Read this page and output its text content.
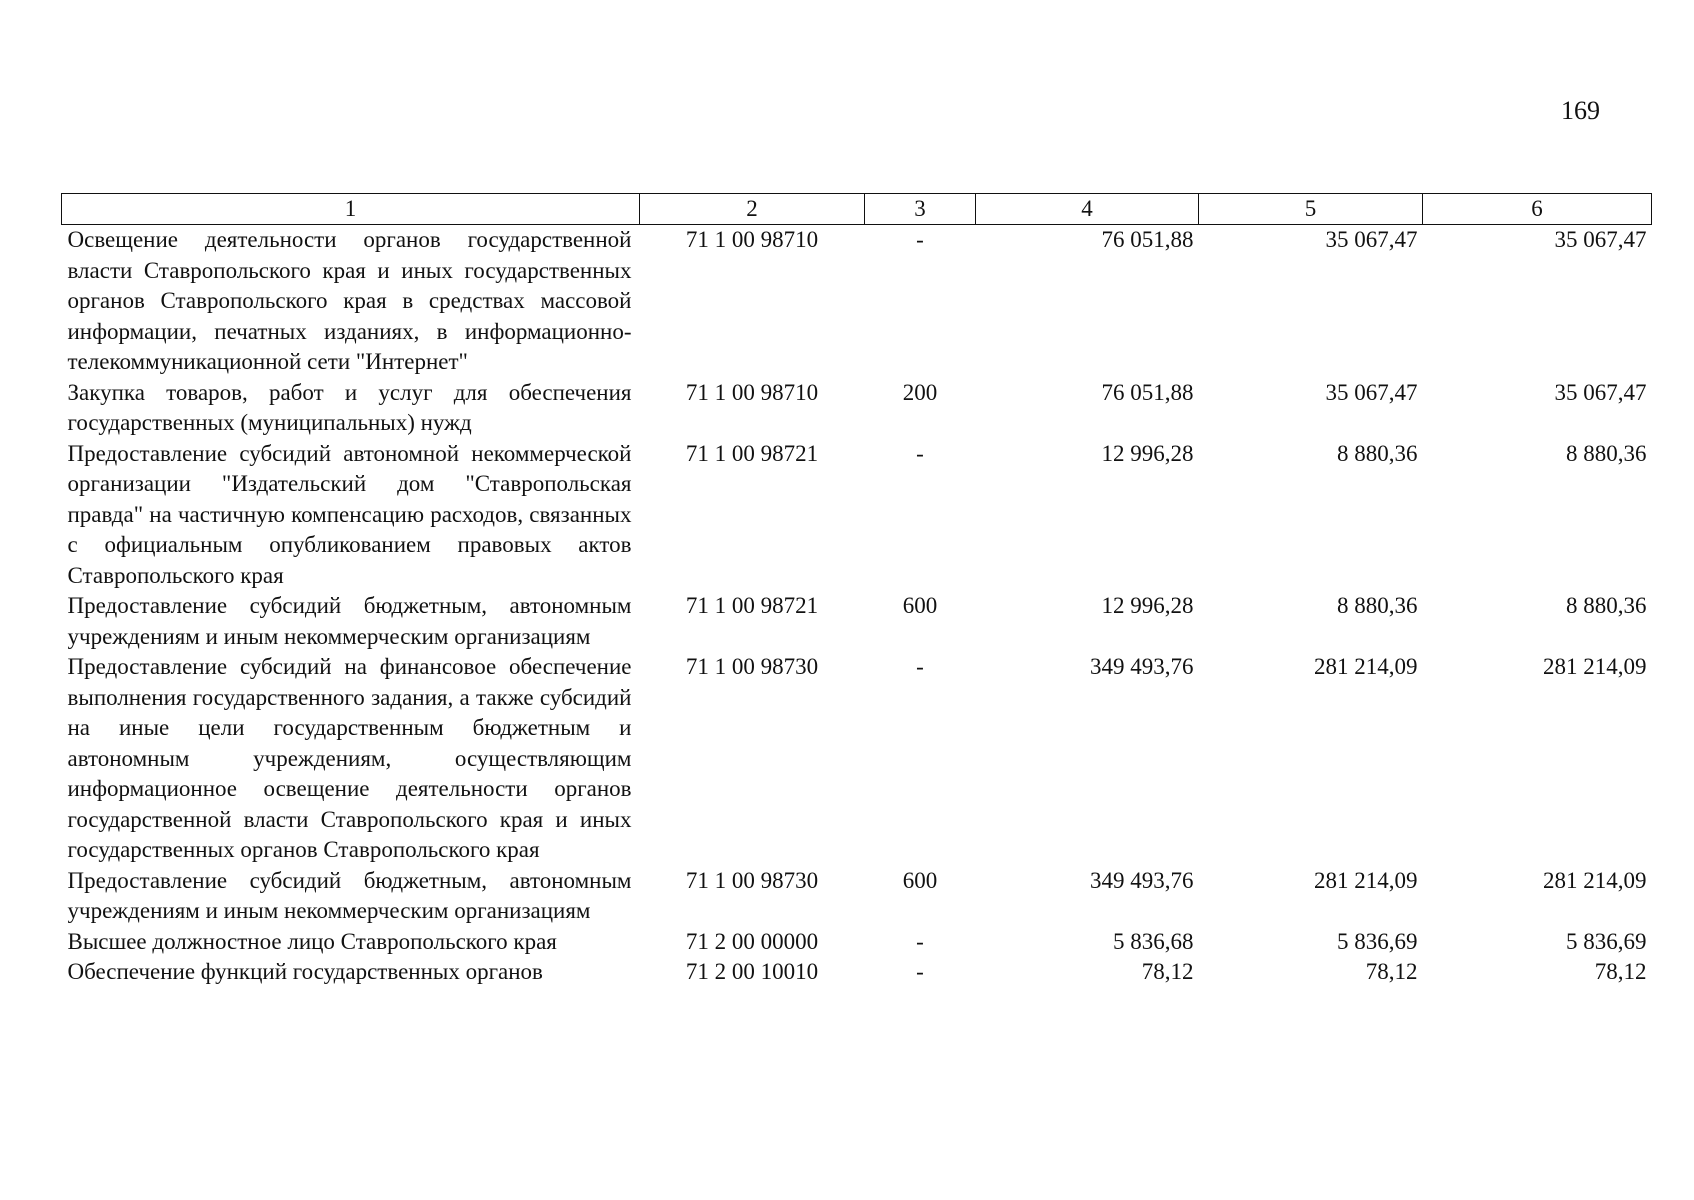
169
1	2	3	4	5	6
Освещение деятельности органов государственной власти Ставропольского края и иных государственных органов Ставропольского края в средствах массовой информации, печатных изданиях, в информационно-телекоммуникационной сети "Интернет"	71 1 00 98710	-	76 051,88	35 067,47	35 067,47
Закупка товаров, работ и услуг для обеспечения государственных (муниципальных) нужд	71 1 00 98710	200	76 051,88	35 067,47	35 067,47
Предоставление субсидий автономной некоммерческой организации "Издательский дом "Ставропольская правда" на частичную компенсацию расходов, связанных с официальным опубликованием правовых актов Ставропольского края	71 1 00 98721	-	12 996,28	8 880,36	8 880,36
Предоставление субсидий бюджетным, автономным учреждениям и иным некоммерческим организациям	71 1 00 98721	600	12 996,28	8 880,36	8 880,36
Предоставление субсидий на финансовое обеспечение выполнения государственного задания, а также субсидий на иные цели государственным бюджетным и автономным учреждениям, осуществляющим информационное освещение деятельности органов государственной власти Ставропольского края и иных государственных органов Ставропольского края	71 1 00 98730	-	349 493,76	281 214,09	281 214,09
Предоставление субсидий бюджетным, автономным учреждениям и иным некоммерческим организациям	71 1 00 98730	600	349 493,76	281 214,09	281 214,09
Высшее должностное лицо Ставропольского края	71 2 00 00000	-	5 836,68	5 836,69	5 836,69
Обеспечение функций государственных органов	71 2 00 10010	-	78,12	78,12	78,12
